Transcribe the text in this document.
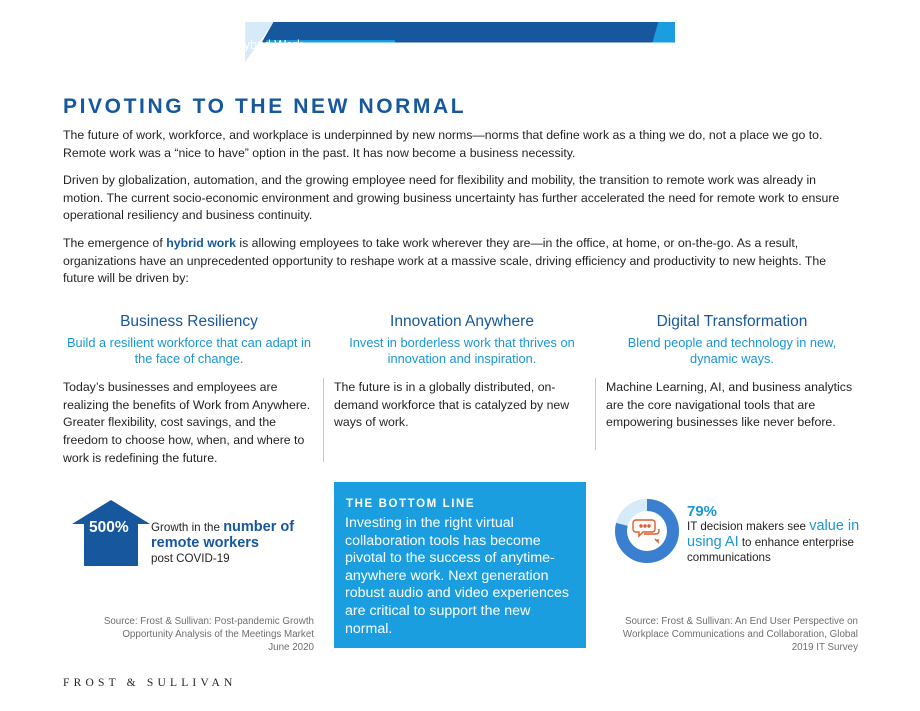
Prepare Your Business for Hybrid Work	3
PIVOTING TO THE NEW NORMAL

The future of work, workforce, and workplace is underpinned by new norms—norms that define work as a thing we do, not a place we go to. Remote work was a “nice to have” option in the past. It has now become a business necessity.

Driven by globalization, automation, and the growing employee need for flexibility and mobility, the transition to remote work was already in motion. The current socio-economic environment and growing business uncertainty has further accelerated the need for remote work to ensure operational resiliency and business continuity.

The emergence of hybrid work is allowing employees to take work wherever they are—in the office, at home, or on-the-go. As a result, organizations have an unprecedented opportunity to reshape work at a massive scale, driving efficiency and productivity to new heights. The future will be driven by:

Business Resiliency

Build a resilient workforce that can adapt in the face of change.

Today’s businesses and employees are realizing the benefits of Work from Anywhere. Greater flexibility, cost savings, and the freedom to choose how, when, and where to work is redefining the future.

Innovation Anywhere

Invest in borderless work that thrives on innovation and inspiration.

The future is in a globally distributed, on-demand workforce that is catalyzed by new ways of work.

Digital Transformation

Blend people and technology in new, dynamic ways.

Machine Learning, AI, and business analytics are the core navigational tools that are empowering businesses like never before.

500% Growth in the number of remote workers
post COVID-19
Source: Frost & Sullivan: Post-pandemic Growth Opportunity Analysis of the Meetings Market June 2020
THE BOTTOM LINE
Investing in the right virtual collaboration tools has become pivotal to the success of anytime-anywhere work. Next generation robust audio and video experiences are critical to support the new normal.
79%
IT decision makers see value in using AI to enhance enterprise communications
Source: Frost & Sullivan: An End User Perspective on Workplace Communications and Collaboration, Global 2019 IT Survey
FROST & SULLIVAN
